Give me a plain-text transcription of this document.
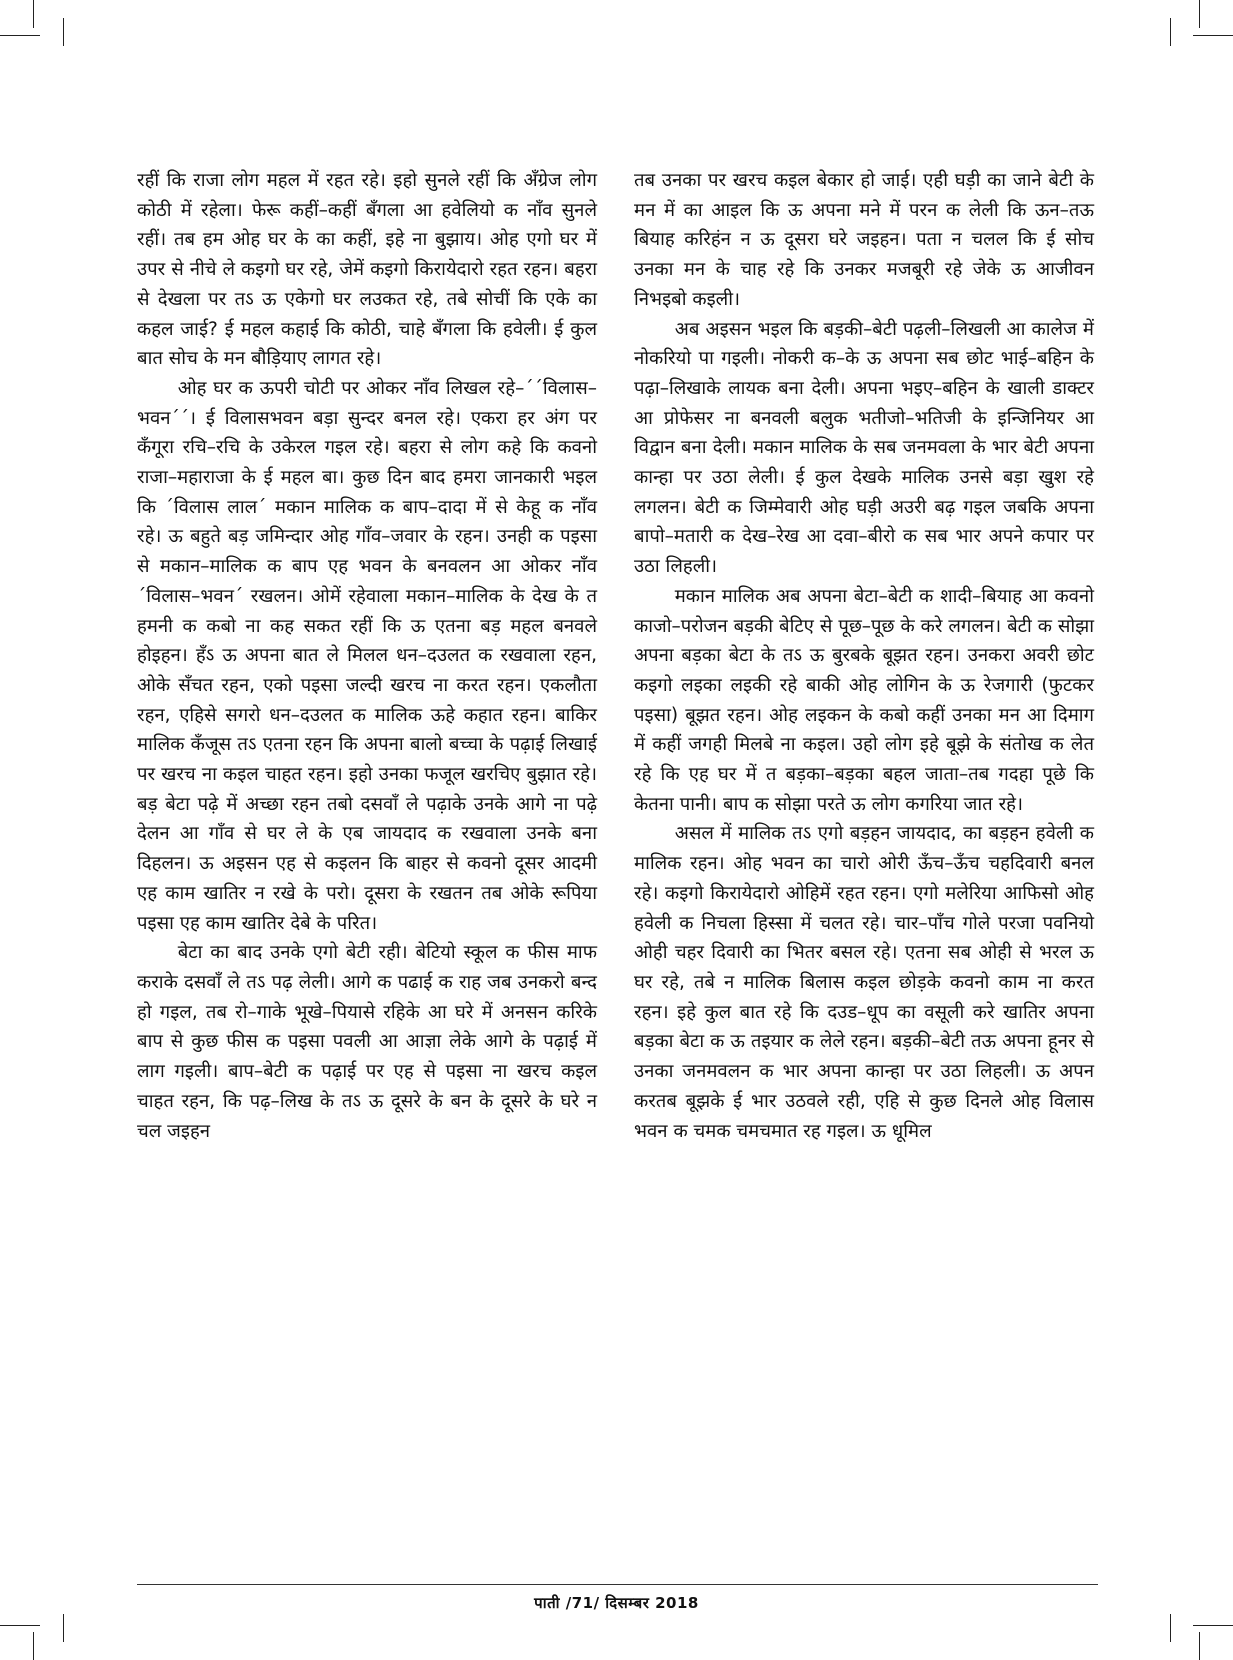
रहीं कि राजा लोग महल में रहत रहे। इहो सुनले रहीं कि अँग्रेज लोग कोठी में रहेला। फेरू कहीं–कहीं बँगला आ हवेलियो क नाँव सुनले रहीं। तब हम ओह घर के का कहीं, इहे ना बुझाय। ओह एगो घर में उपर से नीचे ले कइगो घर रहे, जेमें कइगो किरायेदारो रहत रहन। बहरा से देखला पर तऽ ऊ एकेगो घर लउकत रहे, तबे सोचीं कि एके का कहल जाई? ई महल कहाई कि कोठी, चाहे बँगला कि हवेली। ई कुल बात सोच के मन बौड़ियाए लागत रहे।

ओह घर क ऊपरी चोटी पर ओकर नाँव लिखल रहे–´´विलास–भवन´´। ई विलासभवन बड़ा सुन्दर बनल रहे। एकरा हर अंग पर कँगूरा रचि–रचि के उकेरल गइल रहे। बहरा से लोग कहे कि कवनो राजा–महाराजा के ई महल बा। कुछ दिन बाद हमरा जानकारी भइल कि ´विलास लाल´ मकान मालिक क बाप–दादा में से केहू क नाँव रहे। ऊ बहुते बड़ जमिन्दार ओह गाँव–जवार के रहन। उनही क पइसा से मकान–मालिक क बाप एह भवन के बनवलन आ ओकर नाँव ´विलास–भवन´ रखलन। ओमें रहेवाला मकान–मालिक के देख के त हमनी क कबो ना कह सकत रहीं कि ऊ एतना बड़ महल बनवले होइहन। हँऽ ऊ अपना बात ले मिलल धन–दउलत क रखवाला रहन, ओके सँचत रहन, एको पइसा जल्दी खरच ना करत रहन। एकलौता रहन, एहिसे सगरो धन–दउलत क मालिक ऊहे कहात रहन। बाकिर मालिक कँजूस तऽ एतना रहन कि अपना बालो बच्चा के पढ़ाई लिखाई पर खरच ना कइल चाहत रहन। इहो उनका फजूल खरचिए बुझात रहे। बड़ बेटा पढ़े में अच्छा रहन तबो दसवाँ ले पढ़ाके उनके आगे ना पढ़े देलन आ गाँव से घर ले के एब जायदाद क रखवाला उनके बना दिहलन। ऊ अइसन एह से कइलन कि बाहर से कवनो दूसर आदमी एह काम खातिर न रखे के परो। दूसरा के रखतन तब ओके रूपिया पइसा एह काम खातिर देबे के परित।

बेटा का बाद उनके एगो बेटी रही। बेटियो स्कूल क फीस माफ कराके दसवाँ ले तऽ पढ़ लेली। आगे क पढाई क राह जब उनकरो बन्द हो गइल, तब रो–गाके भूखे–पियासे रहिके आ घरे में अनसन करिके बाप से कुछ फीस क पइसा पवली आ आज्ञा लेके आगे के पढ़ाई में लाग गइली। बाप–बेटी क पढ़ाई पर एह से पइसा ना खरच कइल चाहत रहन, कि पढ़–लिख के तऽ ऊ दूसरे के बन के दूसरे के घरे न चल जइहन

तब उनका पर खरच कइल बेकार हो जाई। एही घड़ी का जाने बेटी के मन में का आइल कि ऊ अपना मने में परन क लेली कि ऊन–तऊ बियाह करिहंन न ऊ दूसरा घरे जइहन। पता न चलल कि ई सोच उनका मन के चाह रहे कि उनकर मजबूरी रहे जेके ऊ आजीवन निभइबो कइली।

अब अइसन भइल कि बड़की–बेटी पढ़ली–लिखली आ कालेज में नोकरियो पा गइली। नोकरी क–के ऊ अपना सब छोट भाई–बहिन के पढ़ा–लिखाके लायक बना देली। अपना भइए–बहिन के खाली डाक्टर आ प्रोफेसर ना बनवली बलुक भतीजो–भतिजी के इन्जिनियर आ विद्वान बना देली। मकान मालिक के सब जनमवला के भार बेटी अपना कान्हा पर उठा लेली। ई कुल देखके मालिक उनसे बड़ा खुश रहे लगलन। बेटी क जिम्मेवारी ओह घड़ी अउरी बढ़ गइल जबकि अपना बापो–मतारी क देख–रेख आ दवा–बीरो क सब भार अपने कपार पर उठा लिहली।

मकान मालिक अब अपना बेटा–बेटी क शादी–बियाह आ कवनो काजो–परोजन बड़की बेटिए से पूछ–पूछ के करे लगलन। बेटी क सोझा अपना बड़का बेटा के तऽ ऊ बुरबके बूझत रहन। उनकरा अवरी छोट कइगो लइका लइकी रहे बाकी ओह लोगिन के ऊ रेजगारी (फुटकर पइसा) बूझत रहन। ओह लइकन के कबो कहीं उनका मन आ दिमाग में कहीं जगही मिलबे ना कइल। उहो लोग इहे बूझे के संतोख क लेत रहे कि एह घर में त बड़का–बड़का बहल जाता–तब गदहा पूछे कि केतना पानी। बाप क सोझा परते ऊ लोग कगरिया जात रहे।

असल में मालिक तऽ एगो बड़हन जायदाद, का बड़हन हवेली क मालिक रहन। ओह भवन का चारो ओरी ऊँच–ऊँच चहदिवारी बनल रहे। कइगो किरायेदारो ओहिमें रहत रहन। एगो मलेरिया आफिसो ओह हवेली क निचला हिस्सा में चलत रहे। चार–पाँच गोले परजा पवनियो ओही चहर दिवारी का भितर बसल रहे। एतना सब ओही से भरल ऊ घर रहे, तबे न मालिक बिलास कइल छोड़के कवनो काम ना करत रहन। इहे कुल बात रहे कि दउड–धूप का वसूली करे खातिर अपना बड़का बेटा क ऊ तइयार क लेले रहन। बड़की–बेटी तऊ अपना हूनर से उनका जनमवलन क भार अपना कान्हा पर उठा लिहली। ऊ अपन करतब बूझके ई भार उठवले रही, एहि से कुछ दिनले ओह विलास भवन क चमक चमचमात रह गइल। ऊ धूमिल

पाती /71/ दिसम्बर 2018
